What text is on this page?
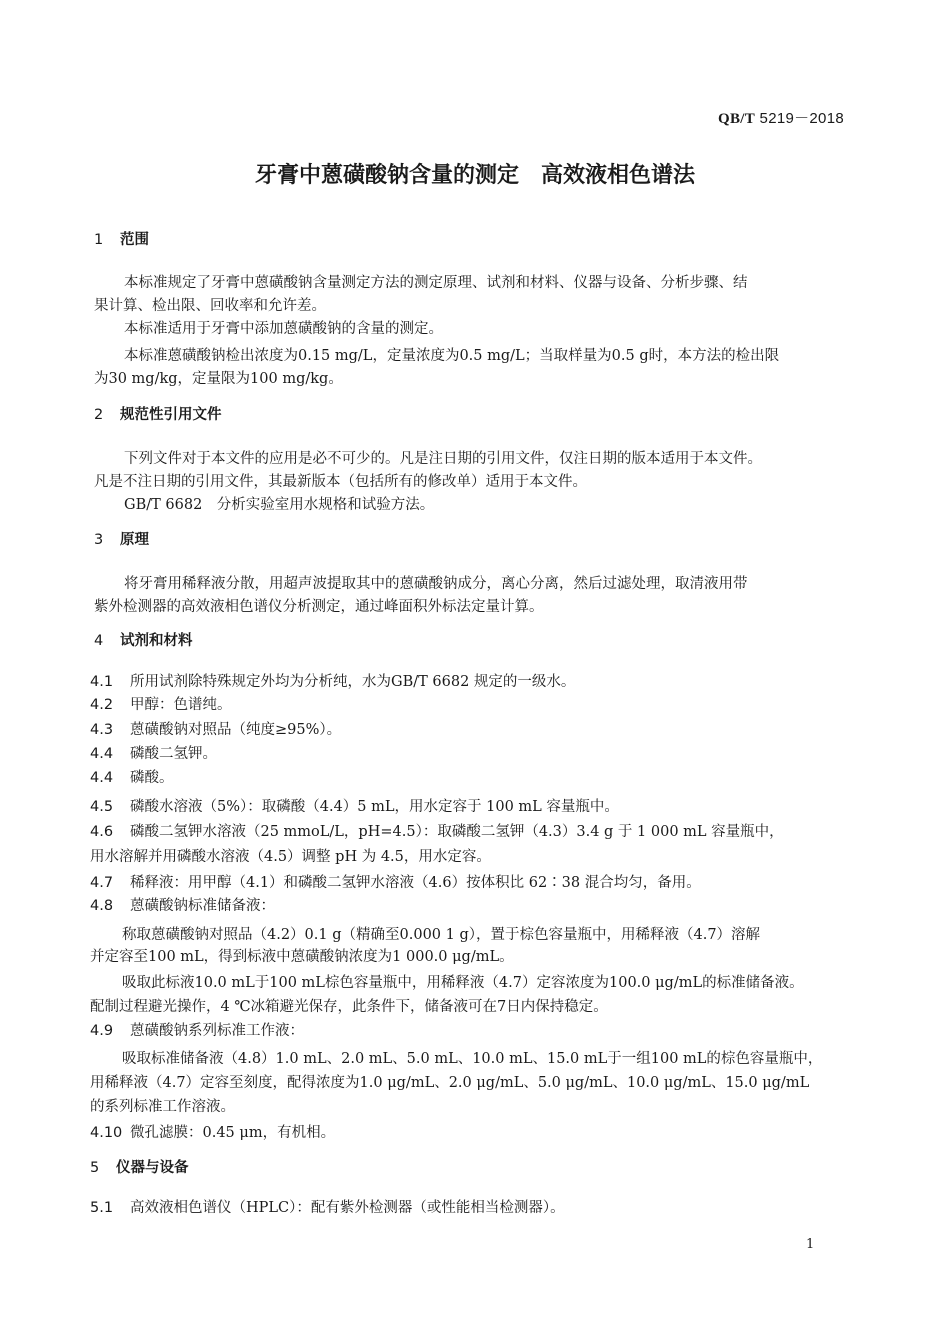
QB/T 5219－2018
牙膏中蒽磺酸钠含量的测定　高效液相色谱法
1 范围
本标准规定了牙膏中蒽磺酸钠含量测定方法的测定原理、试剂和材料、仪器与设备、分析步骤、结
果计算、检出限、回收率和允许差。
本标准适用于牙膏中添加蒽磺酸钠的含量的测定。
本标准蒽磺酸钠检出浓度为0.15 mg/L，定量浓度为0.5 mg/L；当取样量为0.5 g时，本方法的检出限
为30 mg/kg，定量限为100 mg/kg。
2 规范性引用文件
下列文件对于本文件的应用是必不可少的。凡是注日期的引用文件，仅注日期的版本适用于本文件。
凡是不注日期的引用文件，其最新版本（包括所有的修改单）适用于本文件。
GB/T 6682　分析实验室用水规格和试验方法。
3 原理
将牙膏用稀释液分散，用超声波提取其中的蒽磺酸钠成分，离心分离，然后过滤处理，取清液用带
紫外检测器的高效液相色谱仪分析测定，通过峰面积外标法定量计算。
4 试剂和材料
4.1 所用试剂除特殊规定外均为分析纯，水为GB/T 6682 规定的一级水。
4.2 甲醇：色谱纯。
4.3 蒽磺酸钠对照品（纯度≥95%）。
4.4 磷酸二氢钾。
4.4 磷酸。
4.5 磷酸水溶液（5%）：取磷酸（4.4）5 mL，用水定容于 100 mL 容量瓶中。
4.6 磷酸二氢钾水溶液（25 mmoL/L，pH=4.5）：取磷酸二氢钾（4.3）3.4 g 于 1 000 mL 容量瓶中，
用水溶解并用磷酸水溶液（4.5）调整 pH 为 4.5，用水定容。
4.7 稀释液：用甲醇（4.1）和磷酸二氢钾水溶液（4.6）按体积比 62∶38 混合均匀，备用。
4.8 蒽磺酸钠标准储备液：
称取蒽磺酸钠对照品（4.2）0.1 g（精确至0.000 1 g），置于棕色容量瓶中，用稀释液（4.7）溶解
并定容至100 mL，得到标液中蒽磺酸钠浓度为1 000.0 μg/mL。
吸取此标液10.0 mL于100 mL棕色容量瓶中，用稀释液（4.7）定容浓度为100.0 μg/mL的标准储备液。
配制过程避光操作，4 ℃冰箱避光保存，此条件下，储备液可在7日内保持稳定。
4.9 蒽磺酸钠系列标准工作液：
吸取标准储备液（4.8）1.0 mL、2.0 mL、5.0 mL、10.0 mL、15.0 mL于一组100 mL的棕色容量瓶中，
用稀释液（4.7）定容至刻度，配得浓度为1.0 μg/mL、2.0 μg/mL、5.0 μg/mL、10.0 μg/mL、15.0 μg/mL
的系列标准工作溶液。
4.10 微孔滤膜：0.45 μm，有机相。
5 仪器与设备
5.1 高效液相色谱仪（HPLC）：配有紫外检测器（或性能相当检测器）。
1
